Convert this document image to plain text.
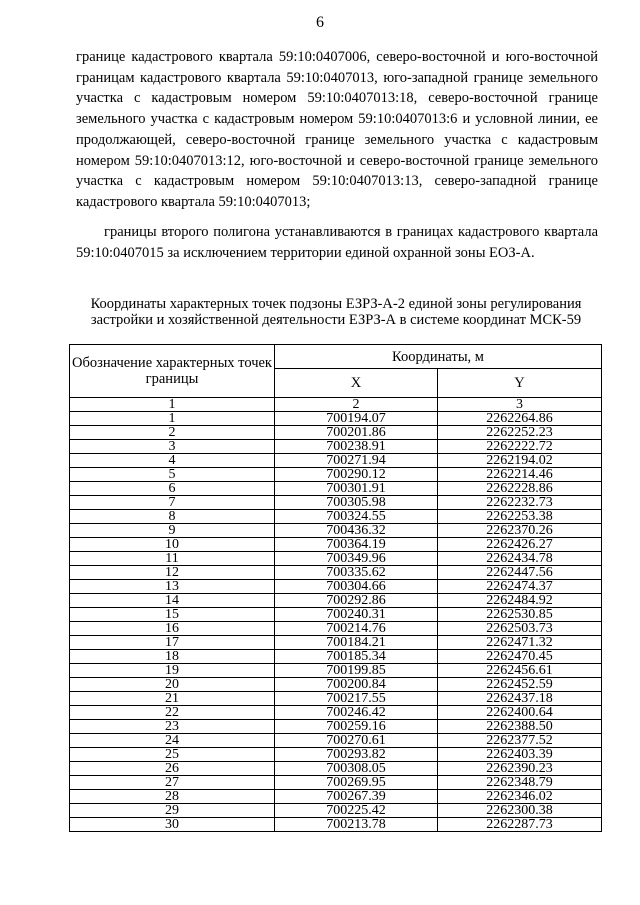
6

границе кадастрового квартала 59:10:0407006, северо-восточной и юго-восточной границам кадастрового квартала 59:10:0407013, юго-западной границе земельного участка с кадастровым номером 59:10:0407013:18, северо-восточной границе земельного участка с кадастровым номером 59:10:0407013:6 и условной линии, ее продолжающей, северо-восточной границе земельного участка с кадастровым номером 59:10:0407013:12, юго-восточной и северо-восточной границе земельного участка с кадастровым номером 59:10:0407013:13, северо-западной границе кадастрового квартала 59:10:0407013;

границы второго полигона устанавливаются в границах кадастрового квартала 59:10:0407015 за исключением территории единой охранной зоны ЕОЗ-А.

Координаты характерных точек подзоны ЕЗРЗ-А-2 единой зоны регулирования застройки и хозяйственной деятельности ЕЗРЗ-А в системе координат МСК-59

Обозначение характерных точек границы	Координаты, м	
	X	Y
1	2	3
1	700194.07	2262264.86
2	700201.86	2262252.23
3	700238.91	2262222.72
4	700271.94	2262194.02
5	700290.12	2262214.46
6	700301.91	2262228.86
7	700305.98	2262232.73
8	700324.55	2262253.38
9	700436.32	2262370.26
10	700364.19	2262426.27
11	700349.96	2262434.78
12	700335.62	2262447.56
13	700304.66	2262474.37
14	700292.86	2262484.92
15	700240.31	2262530.85
16	700214.76	2262503.73
17	700184.21	2262471.32
18	700185.34	2262470.45
19	700199.85	2262456.61
20	700200.84	2262452.59
21	700217.55	2262437.18
22	700246.42	2262400.64
23	700259.16	2262388.50
24	700270.61	2262377.52
25	700293.82	2262403.39
26	700308.05	2262390.23
27	700269.95	2262348.79
28	700267.39	2262346.02
29	700225.42	2262300.38
30	700213.78	2262287.73
